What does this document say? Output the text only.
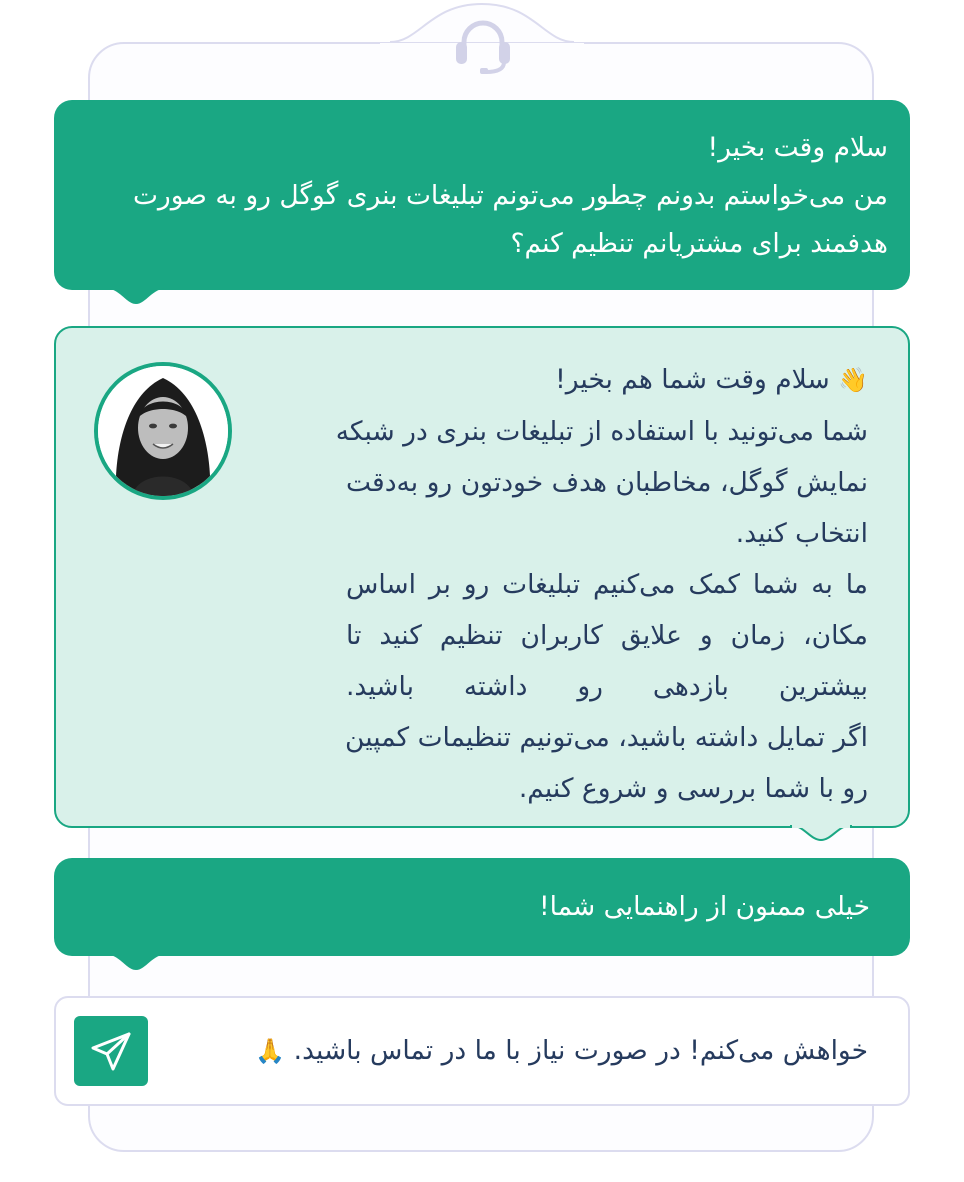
سلام وقت بخیر!
من می‌خواستم بدونم چطور می‌تونم تبلیغات بنری گوگل رو به صورت
هدفمند برای مشتریانم تنظیم کنم؟
👋 سلام وقت شما هم بخیر!
شما می‌تونید با استفاده از تبلیغات بنری در شبکه
نمایش گوگل، مخاطبان هدف خودتون رو به‌دقت
انتخاب کنید.
ما به شما کمک می‌کنیم تبلیغات رو بر اساس
مکان، زمان و علایق کاربران تنظیم کنید تا
بیشترین بازدهی رو داشته باشید.
اگر تمایل داشته باشید، می‌تونیم تنظیمات کمپین
رو با شما بررسی و شروع کنیم.
خیلی ممنون از راهنمایی شما!
خواهش می‌کنم! در صورت نیاز با ما در تماس باشید. 🙏
